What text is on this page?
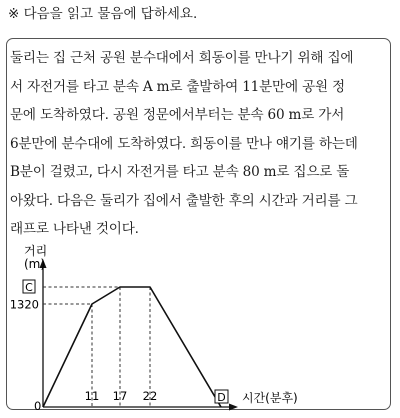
※ 다음을 읽고 물음에 답하세요.
둘리는 집 근처 공원 분수대에서 희동이를 만나기 위해 집에
서 자전거를 타고 분속 A m로 출발하여 11분만에 공원 정
문에 도착하였다. 공원 정문에서부터는 분속 60 m로 가서
6분만에 분수대에 도착하였다. 희동이를 만나 얘기를 하는데
B분이 걸렸고, 다시 자전거를 타고 분속 80 m로 집으로 돌
아왔다. 다음은 둘리가 집에서 출발한 후의 시간과 거리를 그
래프로 나타낸 것이다.
거리
(m)
시간(분후)
C
1320
0
11 17 22	D
